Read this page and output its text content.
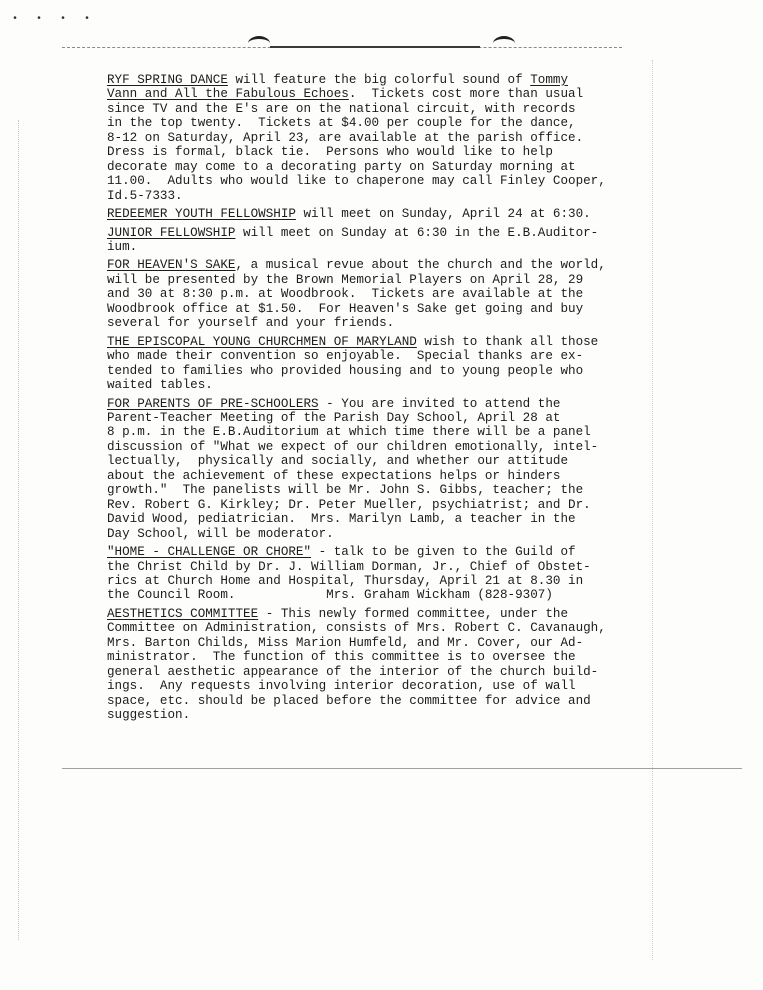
• • • •
RYF SPRING DANCE will feature the big colorful sound of Tommy
Vann and All the Fabulous Echoes.  Tickets cost more than usual
since TV and the E's are on the national circuit, with records
in the top twenty.  Tickets at $4.00 per couple for the dance,
8-12 on Saturday, April 23, are available at the parish office.
Dress is formal, black tie.  Persons who would like to help
decorate may come to a decorating party on Saturday morning at
11.00.  Adults who would like to chaperone may call Finley Cooper,
Id.5-7333.
REDEEMER YOUTH FELLOWSHIP will meet on Sunday, April 24 at 6:30.
JUNIOR FELLOWSHIP will meet on Sunday at 6:30 in the E.B.Auditor-
ium.
FOR HEAVEN'S SAKE, a musical revue about the church and the world,
will be presented by the Brown Memorial Players on April 28, 29
and 30 at 8:30 p.m. at Woodbrook.  Tickets are available at the
Woodbrook office at $1.50.  For Heaven's Sake get going and buy
several for yourself and your friends.
THE EPISCOPAL YOUNG CHURCHMEN OF MARYLAND wish to thank all those
who made their convention so enjoyable.  Special thanks are ex-
tended to families who provided housing and to young people who
waited tables.
FOR PARENTS OF PRE-SCHOOLERS - You are invited to attend the
Parent-Teacher Meeting of the Parish Day School, April 28 at
8 p.m. in the E.B.Auditorium at which time there will be a panel
discussion of "What we expect of our children emotionally, intel-
lectually,  physically and socially, and whether our attitude
about the achievement of these expectations helps or hinders
growth."  The panelists will be Mr. John S. Gibbs, teacher; the
Rev. Robert G. Kirkley; Dr. Peter Mueller, psychiatrist; and Dr.
David Wood, pediatrician.  Mrs. Marilyn Lamb, a teacher in the
Day School, will be moderator.
"HOME - CHALLENGE OR CHORE" - talk to be given to the Guild of
the Christ Child by Dr. J. William Dorman, Jr., Chief of Obstet-
rics at Church Home and Hospital, Thursday, April 21 at 8.30 in
the Council Room.            Mrs. Graham Wickham (828-9307)
AESTHETICS COMMITTEE - This newly formed committee, under the
Committee on Administration, consists of Mrs. Robert C. Cavanaugh,
Mrs. Barton Childs, Miss Marion Humfeld, and Mr. Cover, our Ad-
ministrator.  The function of this committee is to oversee the
general aesthetic appearance of the interior of the church build-
ings.  Any requests involving interior decoration, use of wall
space, etc. should be placed before the committee for advice and
suggestion.
